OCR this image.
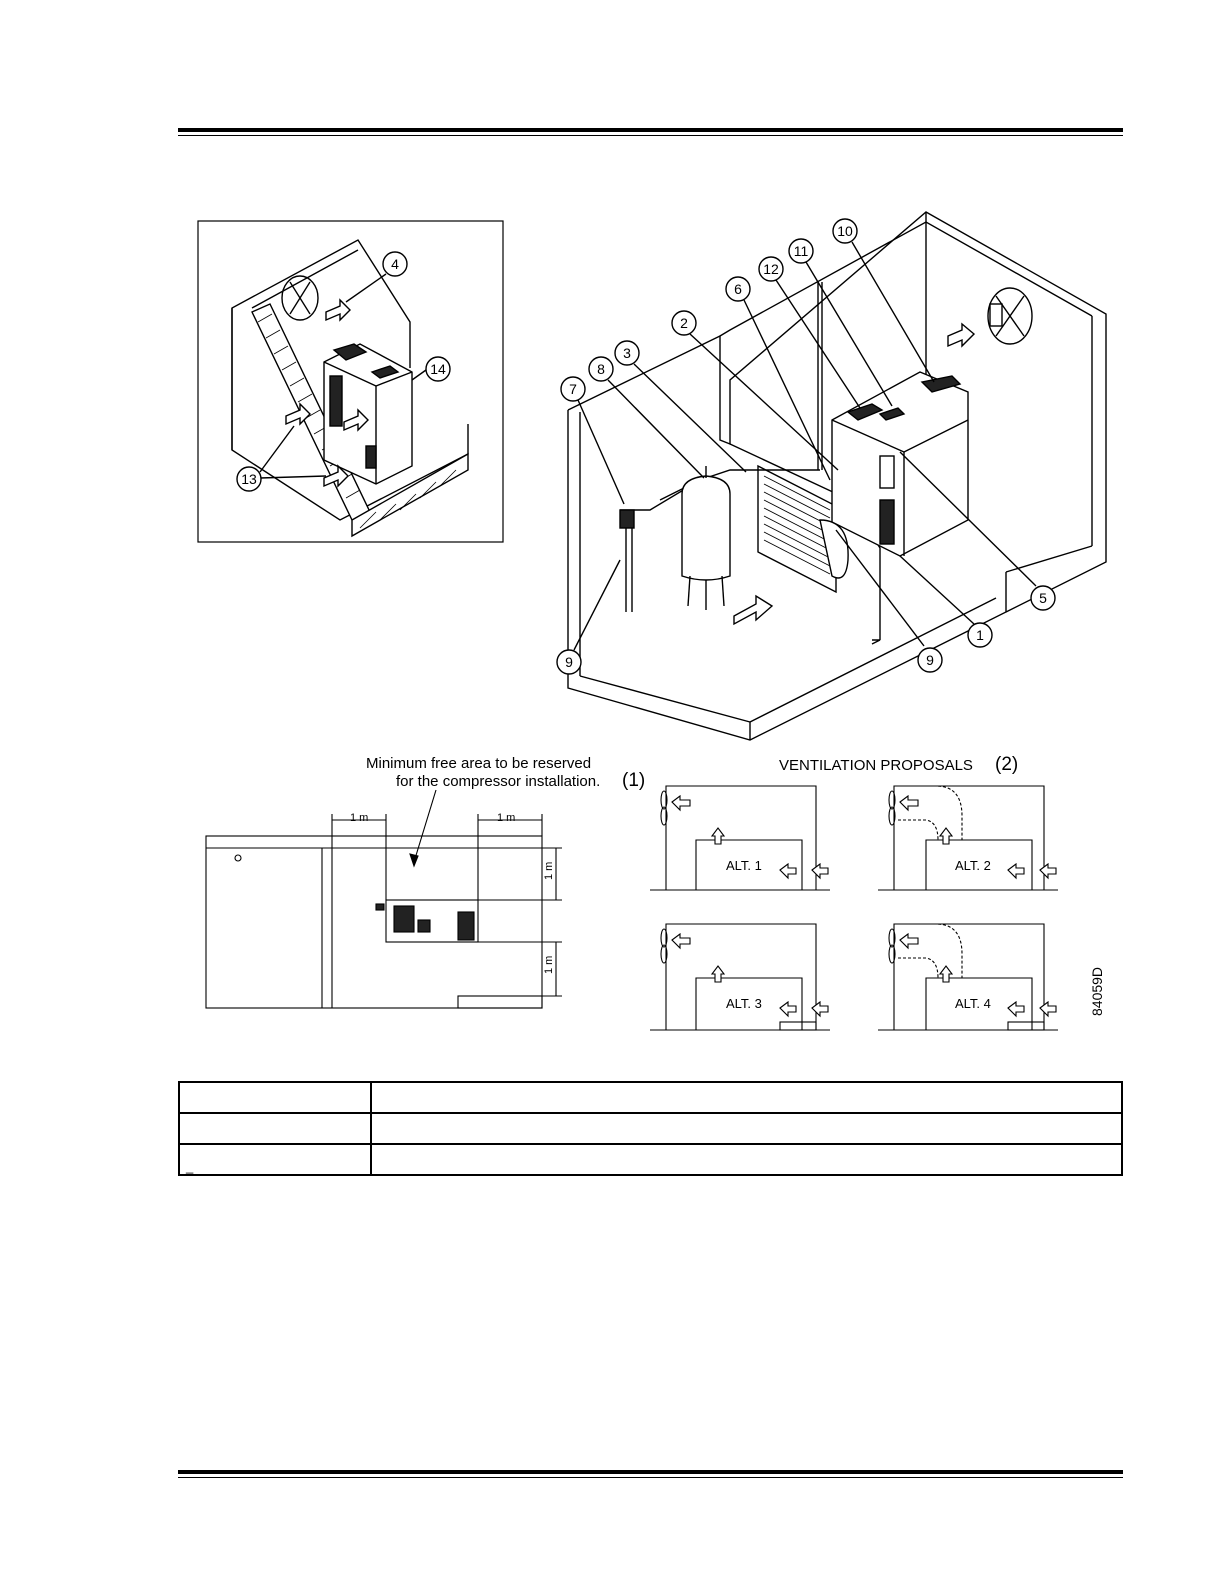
4
14
13
10
11
12
6
2
3
8
7
9	9
1
5
1 m	1 m
1 m
1 m
Minimum free area to be reserved
for the compressor installation. (1)
VENTILATION PROPOSALS (2)
ALT. 1	ALT. 2
ALT. 3	ALT. 4	84059D

_	
